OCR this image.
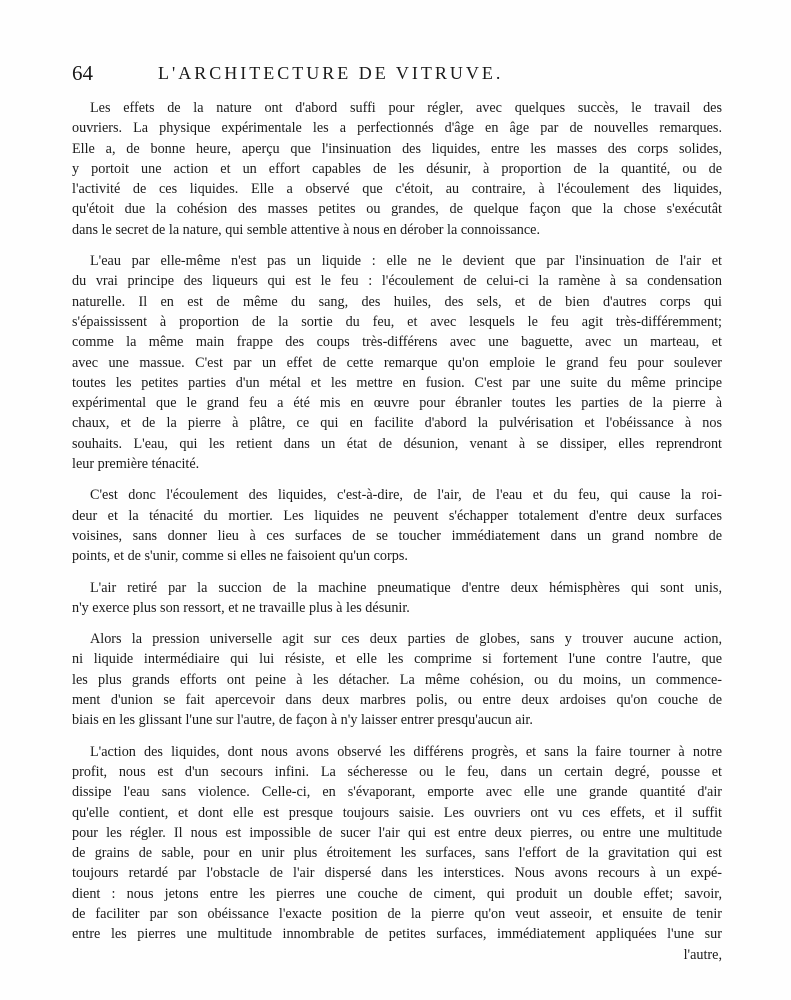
64	L'ARCHITECTURE DE VITRUVE.

Les effets de la nature ont d'abord suffi pour régler, avec quelques succès, le travail des
ouvriers. La physique expérimentale les a perfectionnés d'âge en âge par de nouvelles remarques.
Elle a, de bonne heure, aperçu que l'insinuation des liquides, entre les masses des corps solides,
y portoit une action et un effort capables de les désunir, à proportion de la quantité, ou de
l'activité de ces liquides. Elle a observé que c'étoit, au contraire, à l'écoulement des liquides,
qu'étoit due la cohésion des masses petites ou grandes, de quelque façon que la chose s'exécutât
dans le secret de la nature, qui semble attentive à nous en dérober la connoissance.

L'eau par elle-même n'est pas un liquide : elle ne le devient que par l'insinuation de l'air et
du vrai principe des liqueurs qui est le feu : l'écoulement de celui-ci la ramène à sa condensation
naturelle. Il en est de même du sang, des huiles, des sels, et de bien d'autres corps qui
s'épaississent à proportion de la sortie du feu, et avec lesquels le feu agit très-différemment;
comme la même main frappe des coups très-différens avec une baguette, avec un marteau, et
avec une massue. C'est par un effet de cette remarque qu'on emploie le grand feu pour soulever
toutes les petites parties d'un métal et les mettre en fusion. C'est par une suite du même principe
expérimental que le grand feu a été mis en œuvre pour ébranler toutes les parties de la pierre à
chaux, et de la pierre à plâtre, ce qui en facilite d'abord la pulvérisation et l'obéissance à nos
souhaits. L'eau, qui les retient dans un état de désunion, venant à se dissiper, elles reprendront
leur première ténacité.

C'est donc l'écoulement des liquides, c'est-à-dire, de l'air, de l'eau et du feu, qui cause la roi-
deur et la ténacité du mortier. Les liquides ne peuvent s'échapper totalement d'entre deux surfaces
voisines, sans donner lieu à ces surfaces de se toucher immédiatement dans un grand nombre de
points, et de s'unir, comme si elles ne faisoient qu'un corps.

L'air retiré par la succion de la machine pneumatique d'entre deux hémisphères qui sont unis,
n'y exerce plus son ressort, et ne travaille plus à les désunir.

Alors la pression universelle agit sur ces deux parties de globes, sans y trouver aucune action,
ni liquide intermédiaire qui lui résiste, et elle les comprime si fortement l'une contre l'autre, que
les plus grands efforts ont peine à les détacher. La même cohésion, ou du moins, un commence-
ment d'union se fait apercevoir dans deux marbres polis, ou entre deux ardoises qu'on couche de
biais en les glissant l'une sur l'autre, de façon à n'y laisser entrer presqu'aucun air.

L'action des liquides, dont nous avons observé les différens progrès, et sans la faire tourner à notre
profit, nous est d'un secours infini. La sécheresse ou le feu, dans un certain degré, pousse et
dissipe l'eau sans violence. Celle-ci, en s'évaporant, emporte avec elle une grande quantité d'air
qu'elle contient, et dont elle est presque toujours saisie. Les ouvriers ont vu ces effets, et il suffit
pour les régler. Il nous est impossible de sucer l'air qui est entre deux pierres, ou entre une multitude
de grains de sable, pour en unir plus étroitement les surfaces, sans l'effort de la gravitation qui est
toujours retardé par l'obstacle de l'air dispersé dans les interstices. Nous avons recours à un expé-
dient : nous jetons entre les pierres une couche de ciment, qui produit un double effet; savoir,
de faciliter par son obéissance l'exacte position de la pierre qu'on veut asseoir, et ensuite de tenir
entre les pierres une multitude innombrable de petites surfaces, immédiatement appliquées l'une sur
l'autre,
